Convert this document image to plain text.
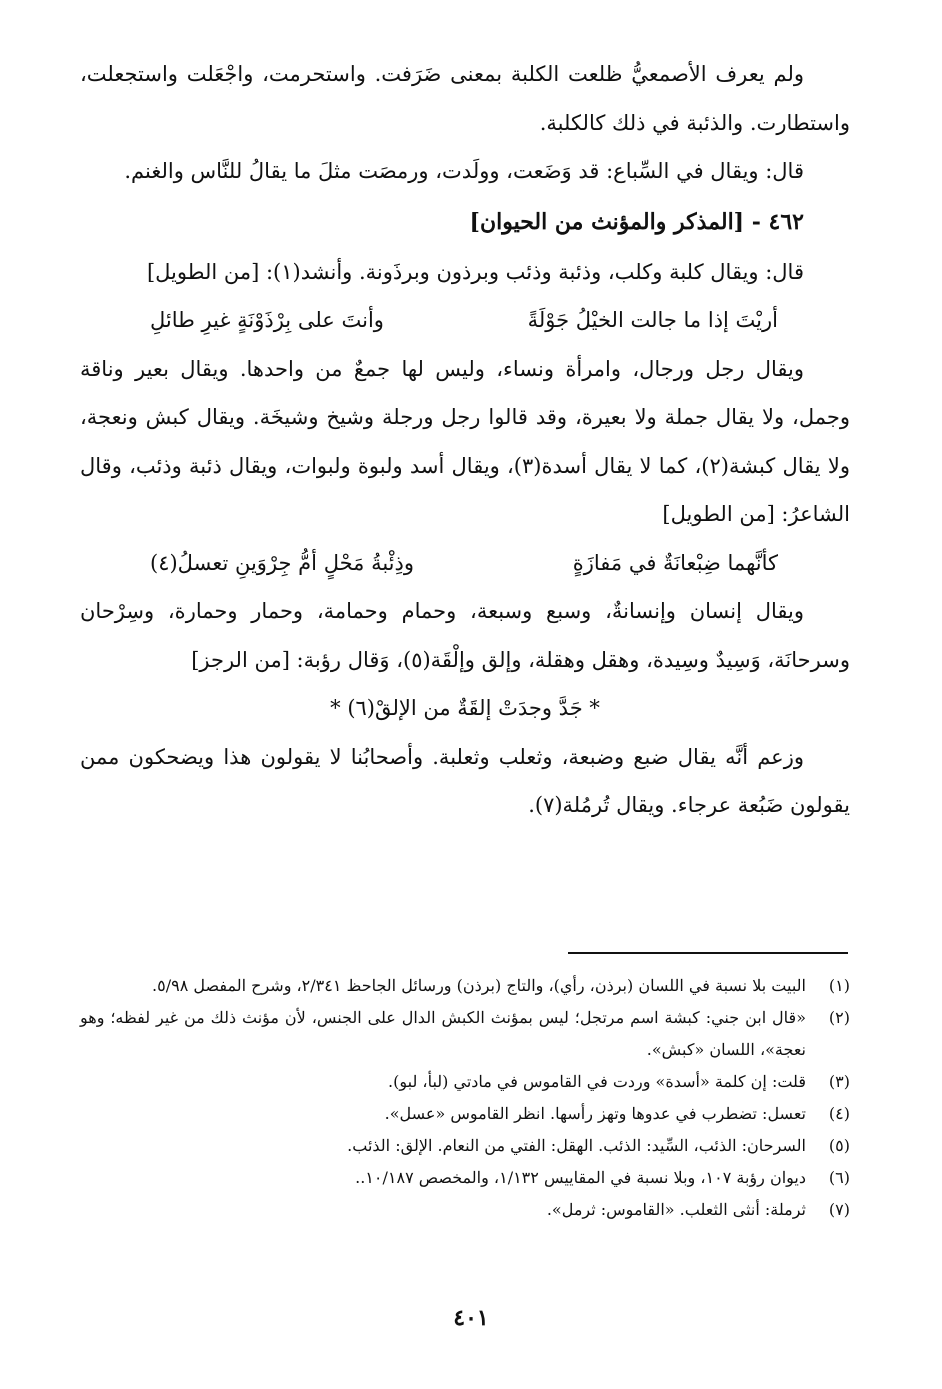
ولم يعرف الأصمعيُّ ظلعت الكلبة بمعنى ضَرَفت. واستحرمت، واجْعَلت واستجعلت، واستطارت. والذئبة في ذلك كالكلبة.

قال: ويقال في السِّباع: قد وَضَعت، وولَدت، ورمصَت مثلَ ما يقالُ للنَّاس والغنم.

٤٦٢ - [المذكر والمؤنث من الحيوان]

قال: ويقال كلبة وكلب، وذئبة وذئب وبرذون وبرذَونة. وأنشد(١): [من الطويل]

أريْتَ إذا ما جالت الخيْلُ جَوْلَةً
وأنتَ على بِرْذَوْنَةٍ غيرِ طائلِ

ويقال رجل ورجال، وامرأة ونساء، وليس لها جمعٌ من واحدها. ويقال بعير وناقة وجمل، ولا يقال جملة ولا بعيرة، وقد قالوا رجل ورجلة وشيخ وشيخَة. ويقال كبش ونعجة، ولا يقال كبشة(٢)، كما لا يقال أسدة(٣)، ويقال أسد ولبوة ولبوات، ويقال ذئبة وذئب، وقال الشاعرُ: [من الطويل]

كأنَّهما ضِبْعانَةٌ في مَفازَةٍ
وذِئْبةُ مَحْلٍ أمُّ جِرْوَينِ تعسلُ(٤)

ويقال إنسان وإنسانةٌ، وسبع وسبعة، وحمام وحمامة، وحمار وحمارة، وسِرْحان وسرحانَة، وَسِيدٌ وسِيدة، وهقل وهقلة، وإلق وإلْقَة(٥)، وَقال رؤبة: [من الرجز]

* جَدَّ وجدَتْ إلقَةٌ من الإلقْ(٦) *

وزعم أنَّه يقال ضبع وضبعة، وثعلب وثعلبة. وأصحابُنا لا يقولون هذا ويضحكون ممن يقولون ضَبُعة عرجاء. ويقال تُرمُلة(٧).

(١)
البيت بلا نسبة في اللسان (برذن، رأي)، والتاج (برذن) ورسائل الجاحظ ٢/٣٤١، وشرح المفصل ٥/٩٨.
(٢)
«قال ابن جني: كبشة اسم مرتجل؛ ليس بمؤنث الكبش الدال على الجنس، لأن مؤنث ذلك من غير لفظه؛ وهو نعجة»، اللسان «كبش».
(٣)
قلت: إن كلمة «أسدة» وردت في القاموس في مادتي (لبأ، لبو).
(٤)
تعسل: تضطرب في عدوها وتهز رأسها. انظر القاموس «عسل».
(٥)
السرحان: الذئب، السِّيد: الذئب. الهقل: الفتي من النعام. الإلق: الذئب.
(٦)
ديوان رؤبة ١٠٧، وبلا نسبة في المقاييس ١/١٣٢، والمخصص ١٠/١٨٧..
(٧)
ثرملة: أنثى الثعلب. «القاموس: ثرمل».
٤٠١
